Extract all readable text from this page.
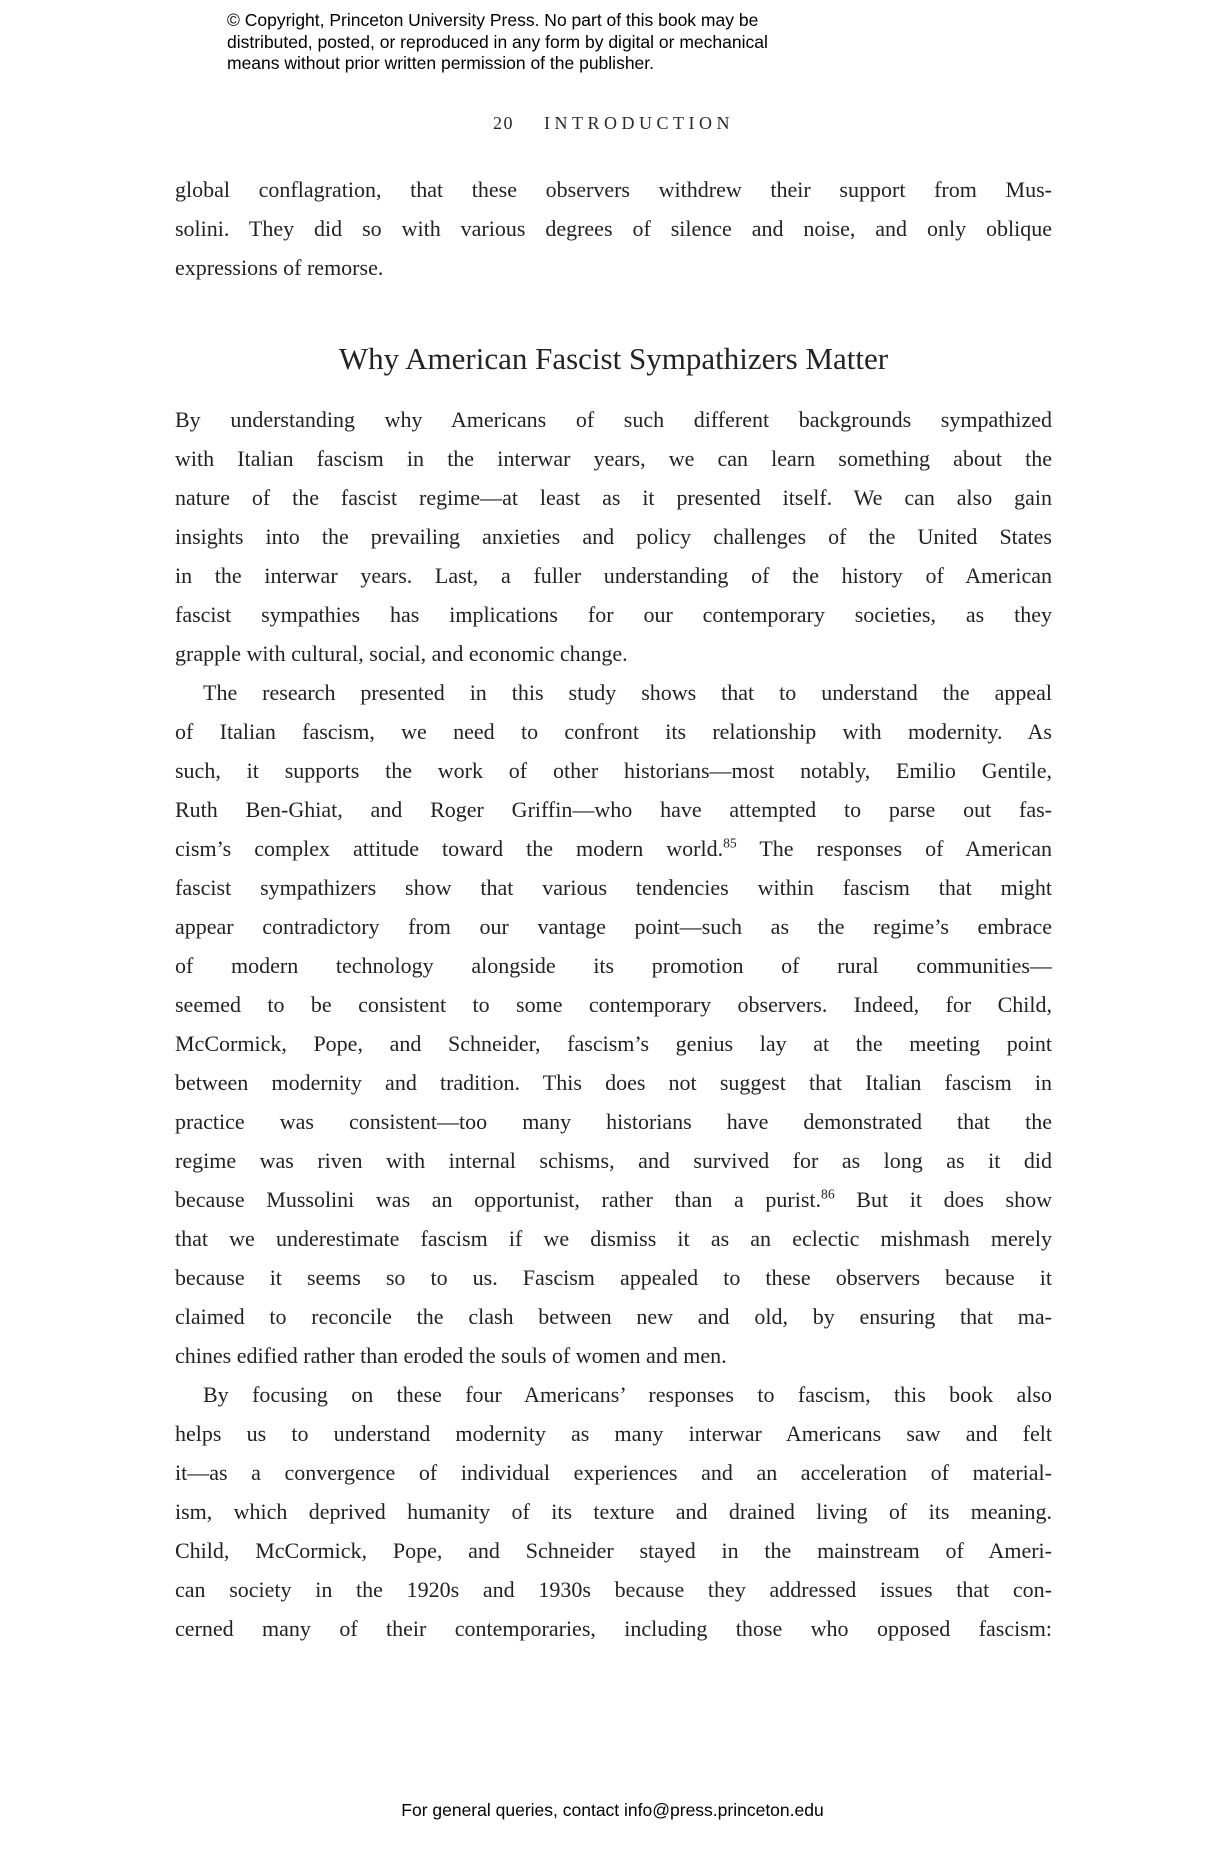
© Copyright, Princeton University Press. No part of this book may be
distributed, posted, or reproduced in any form by digital or mechanical
means without prior written permission of the publisher.
20 INTRODUCTION
global conflagration, that these observers withdrew their support from Mus-
solini. They did so with various degrees of silence and noise, and only oblique
expressions of remorse.
Why American Fascist Sympathizers Matter
By understanding why Americans of such different backgrounds sympathized
with Italian fascism in the interwar years, we can learn something about the
nature of the fascist regime—at least as it presented itself. We can also gain
insights into the prevailing anxieties and policy challenges of the United States
in the interwar years. Last, a fuller understanding of the history of American
fascist sympathies has implications for our contemporary societies, as they
grapple with cultural, social, and economic change.
The research presented in this study shows that to understand the appeal
of Italian fascism, we need to confront its relationship with modernity. As
such, it supports the work of other historians—most notably, Emilio Gentile,
Ruth Ben-Ghiat, and Roger Griffin—who have attempted to parse out fas-
cism’s complex attitude toward the modern world.$^{85}$ The responses of American
fascist sympathizers show that various tendencies within fascism that might
appear contradictory from our vantage point—such as the regime’s embrace
of modern technology alongside its promotion of rural communities—
seemed to be consistent to some contemporary observers. Indeed, for Child,
McCormick, Pope, and Schneider, fascism’s genius lay at the meeting point
between modernity and tradition. This does not suggest that Italian fascism in
practice was consistent—too many historians have demonstrated that the
regime was riven with internal schisms, and survived for as long as it did
because Mussolini was an opportunist, rather than a purist.$^{86}$ But it does show
that we underestimate fascism if we dismiss it as an eclectic mishmash merely
because it seems so to us. Fascism appealed to these observers because it
claimed to reconcile the clash between new and old, by ensuring that ma-
chines edified rather than eroded the souls of women and men.
By focusing on these four Americans’ responses to fascism, this book also
helps us to understand modernity as many interwar Americans saw and felt
it—as a convergence of individual experiences and an acceleration of material-
ism, which deprived humanity of its texture and drained living of its meaning.
Child, McCormick, Pope, and Schneider stayed in the mainstream of Ameri-
can society in the 1920s and 1930s because they addressed issues that con-
cerned many of their contemporaries, including those who opposed fascism:
For general queries, contact info@press.princeton.edu
